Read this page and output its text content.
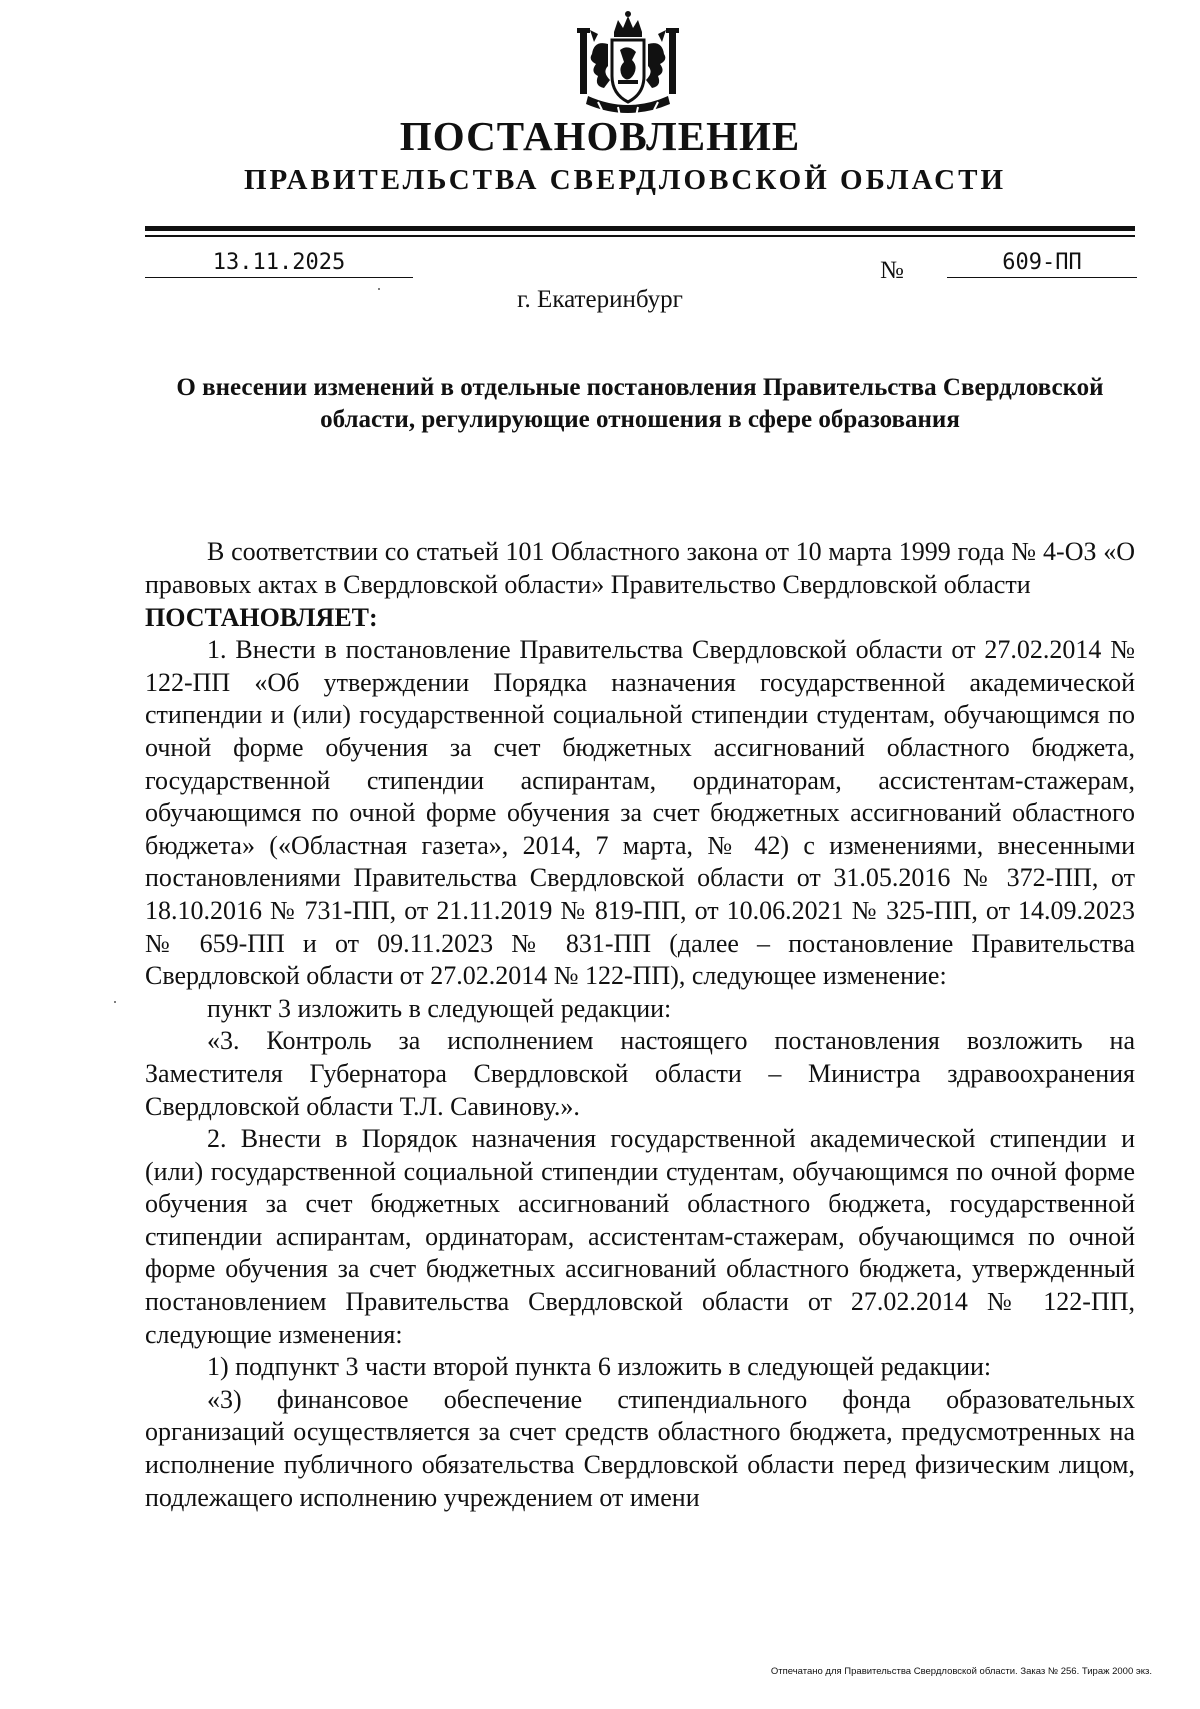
ПОСТАНОВЛЕНИЕ
ПРАВИТЕЛЬСТВА СВЕРДЛОВСКОЙ ОБЛАСТИ
13.11.2025	№	609-ПП
г. Екатеринбург
О внесении изменений в отдельные постановления Правительства Свердловской области, регулирующие отношения в сфере образования

В соответствии со статьей 101 Областного закона от 10 марта 1999 года № 4-ОЗ «О правовых актах в Свердловской области» Правительство Свердловской области

ПОСТАНОВЛЯЕТ:

1. Внести в постановление Правительства Свердловской области от 27.02.2014 № 122-ПП «Об утверждении Порядка назначения государственной академической стипендии и (или) государственной социальной стипендии студентам, обучающимся по очной форме обучения за счет бюджетных ассигнований областного бюджета, государственной стипендии аспирантам, ординаторам, ассистентам-стажерам, обучающимся по очной форме обучения за счет бюджетных ассигнований областного бюджета» («Областная газета», 2014, 7 марта, № 42) с изменениями, внесенными постановлениями Правительства Свердловской области от 31.05.2016 № 372-ПП, от 18.10.2016 № 731-ПП, от 21.11.2019 № 819-ПП, от 10.06.2021 № 325-ПП, от 14.09.2023 № 659-ПП и от 09.11.2023 № 831-ПП (далее – постановление Правительства Свердловской области от 27.02.2014 № 122-ПП), следующее изменение:

пункт 3 изложить в следующей редакции:

«3. Контроль за исполнением настоящего постановления возложить на Заместителя Губернатора Свердловской области – Министра здравоохранения Свердловской области Т.Л. Савинову.».

2. Внести в Порядок назначения государственной академической стипендии и (или) государственной социальной стипендии студентам, обучающимся по очной форме обучения за счет бюджетных ассигнований областного бюджета, государственной стипендии аспирантам, ординаторам, ассистентам-стажерам, обучающимся по очной форме обучения за счет бюджетных ассигнований областного бюджета, утвержденный постановлением Правительства Свердловской области от 27.02.2014 № 122-ПП, следующие изменения:

1) подпункт 3 части второй пункта 6 изложить в следующей редакции:

«3) финансовое обеспечение стипендиального фонда образовательных организаций осуществляется за счет средств областного бюджета, предусмотренных на исполнение публичного обязательства Свердловской области перед физическим лицом, подлежащего исполнению учреждением от имени

Отпечатано для Правительства Свердловской области. Заказ № 256. Тираж 2000 экз.
